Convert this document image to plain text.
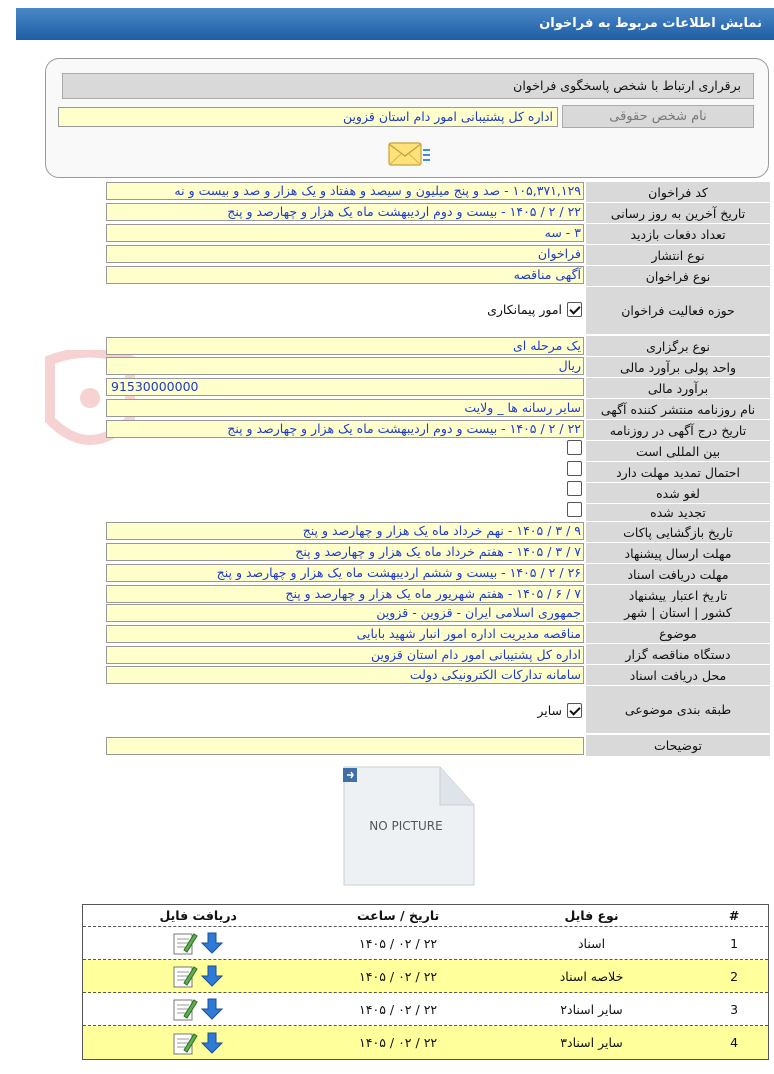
نمایش اطلاعات مربوط به فراخوان
برقراری ارتباط با شخص پاسخگوی فراخوان
نام شخص حقوقی
اداره کل پشتیبانی امور دام استان قزوین
کد فراخوان
۱۰۵,۳۷۱,۱۲۹ - صد و پنج میلیون و سیصد و هفتاد و یک هزار و صد و بیست و نه
تاریخ آخرین به روز رسانی
۲۲ / ۲ / ۱۴۰۵ - بیست و دوم اردیبهشت ماه یک هزار و چهارصد و پنج
تعداد دفعات بازدید
۳ - سه
نوع انتشار
فراخوان
نوع فراخوان
آگهی مناقصه
حوزه فعالیت فراخوان
امور پیمانکاری
نوع برگزاری
یک مرحله ای
واحد پولی برآورد مالی
ریال
برآورد مالی
91530000000
نام روزنامه منتشر کننده آگهی
سایر رسانه ها _ ولایت
تاریخ درج آگهی در روزنامه
۲۲ / ۲ / ۱۴۰۵ - بیست و دوم اردیبهشت ماه یک هزار و چهارصد و پنج
بین المللی است
احتمال تمدید مهلت دارد
لغو شده
تجدید شده
تاریخ بازگشایی پاکات
۹ / ۳ / ۱۴۰۵ - نهم خرداد ماه یک هزار و چهارصد و پنج
مهلت ارسال پیشنهاد
۷ / ۳ / ۱۴۰۵ - هفتم خرداد ماه یک هزار و چهارصد و پنج
مهلت دریافت اسناد
۲۶ / ۲ / ۱۴۰۵ - بیست و ششم اردیبهشت ماه یک هزار و چهارصد و پنج
تاریخ اعتبار پیشنهاد
۷ / ۶ / ۱۴۰۵ - هفتم شهریور ماه یک هزار و چهارصد و پنج
کشور | استان | شهر
جمهوری اسلامی ایران - قزوین - قزوین
موضوع
مناقصه مدیریت اداره امور انبار شهید بابایی
دستگاه مناقصه گزار
اداره کل پشتیبانی امور دام استان قزوین
محل دریافت اسناد
سامانه تدارکات الکترونیکی دولت
طبقه بندی موضوعی
سایر
توضیحات
NO PICTURE
#
نوع فایل
تاریخ / ساعت
دریافت فایل
1
اسناد
۲۲ / ۰۲ / ۱۴۰۵
2
خلاصه اسناد
۲۲ / ۰۲ / ۱۴۰۵
3
سایر اسناد۲
۲۲ / ۰۲ / ۱۴۰۵
4
سایر اسناد۳
۲۲ / ۰۲ / ۱۴۰۵
